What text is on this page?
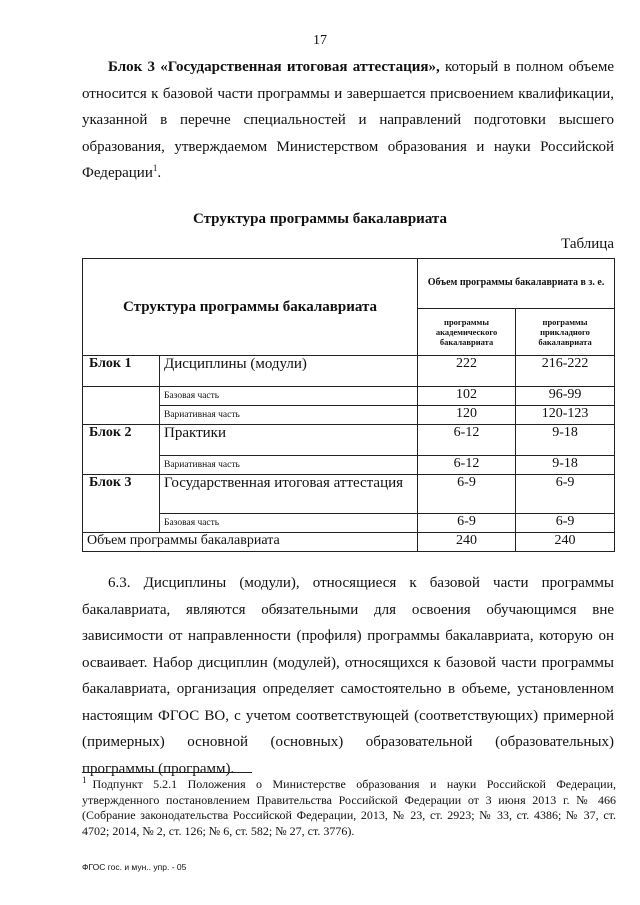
17
Блок 3 «Государственная итоговая аттестация», который в полном объеме относится к базовой части программы и завершается присвоением квалификации, указанной в перечне специальностей и направлений подготовки высшего образования, утверждаемом Министерством образования и науки Российской Федерации$^1$.
Структура программы бакалавриата
Таблица
Структура программы бакалавриата		Объем программы бакалавриата в з. е.	
		программы академического бакалавриата	программы прикладного бакалавриата
Блок 1	Дисциплины (модули)	222	216-222
	Базовая часть	102	96-99
	Вариативная часть	120	120-123
Блок 2	Практики	6-12	9-18
	Вариативная часть	6-12	9-18
Блок 3	Государственная итоговая аттестация	6-9	6-9
	Базовая часть	6-9	6-9
Объем программы бакалавриата		240	240
6.3. Дисциплины (модули), относящиеся к базовой части программы бакалавриата, являются обязательными для освоения обучающимся вне зависимости от направленности (профиля) программы бакалавриата, которую он осваивает. Набор дисциплин (модулей), относящихся к базовой части программы бакалавриата, организация определяет самостоятельно в объеме, установленном настоящим ФГОС ВО, с учетом соответствующей (соответствующих) примерной (примерных) основной (основных) образовательной (образовательных) программы (программ).
$^1$ Подпункт 5.2.1 Положения о Министерстве образования и науки Российской Федерации, утвержденного постановлением Правительства Российской Федерации от 3 июня 2013 г. № 466 (Собрание законодательства Российской Федерации, 2013, № 23, ст. 2923; № 33, ст. 4386; № 37, ст. 4702; 2014, № 2, ст. 126; № 6, ст. 582; № 27, ст. 3776).
ФГОС гос. и мун.. упр. - 05
